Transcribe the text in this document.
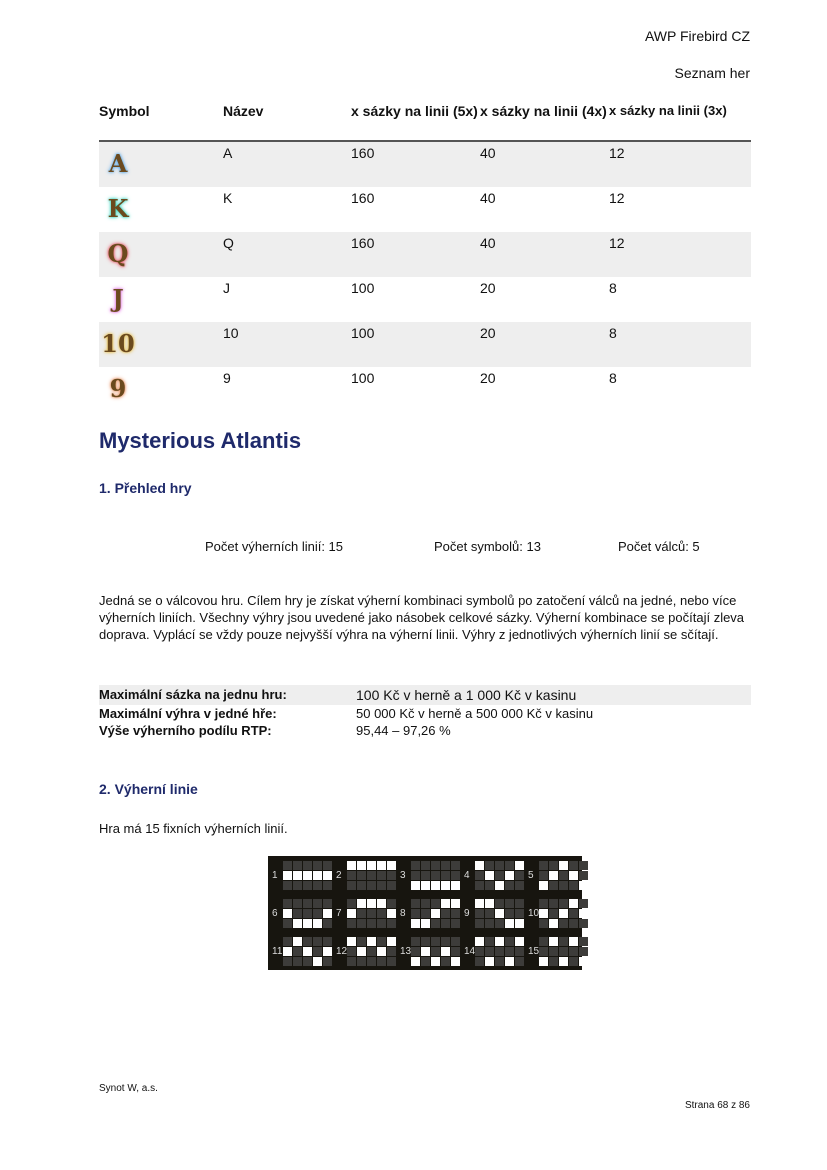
AWP Firebird CZ
Seznam her
Symbol	Název	x sázky na linii (5x)	x sázky na linii (4x)	x sázky na linii (3x)
A	A	160	40	12
K	K	160	40	12
Q	Q	160	40	12
J	J	100	20	8
10	10	100	20	8
9	9	100	20	8
Mysterious Atlantis
1. Přehled hry
Počet výherních linií: 15	Počet symbolů: 13	Počet válců: 5
Jedná se o válcovou hru. Cílem hry je získat výherní kombinaci symbolů po zatočení válců na jedné, nebo více výherních liniích. Všechny výhry jsou uvedené jako násobek celkové sázky. Výherní kombinace se počítají zleva doprava. Vyplácí se vždy pouze nejvyšší výhra na výherní linii. Výhry z jednotlivých výherních linií se sčítají.
Maximální sázka na jednu hru:	100 Kč v herně a 1 000 Kč v kasinu
Maximální výhra v jedné hře:	50 000 Kč v herně a 500 000 Kč v kasinu
Výše výherního podílu RTP:	95,44 – 97,26 %
2. Výherní linie
Hra má 15 fixních výherních linií.
1	2	3	4	5
6	7	8	9	10
11	12	13	14	15
Synot W, a.s.
Strana 68 z 86
